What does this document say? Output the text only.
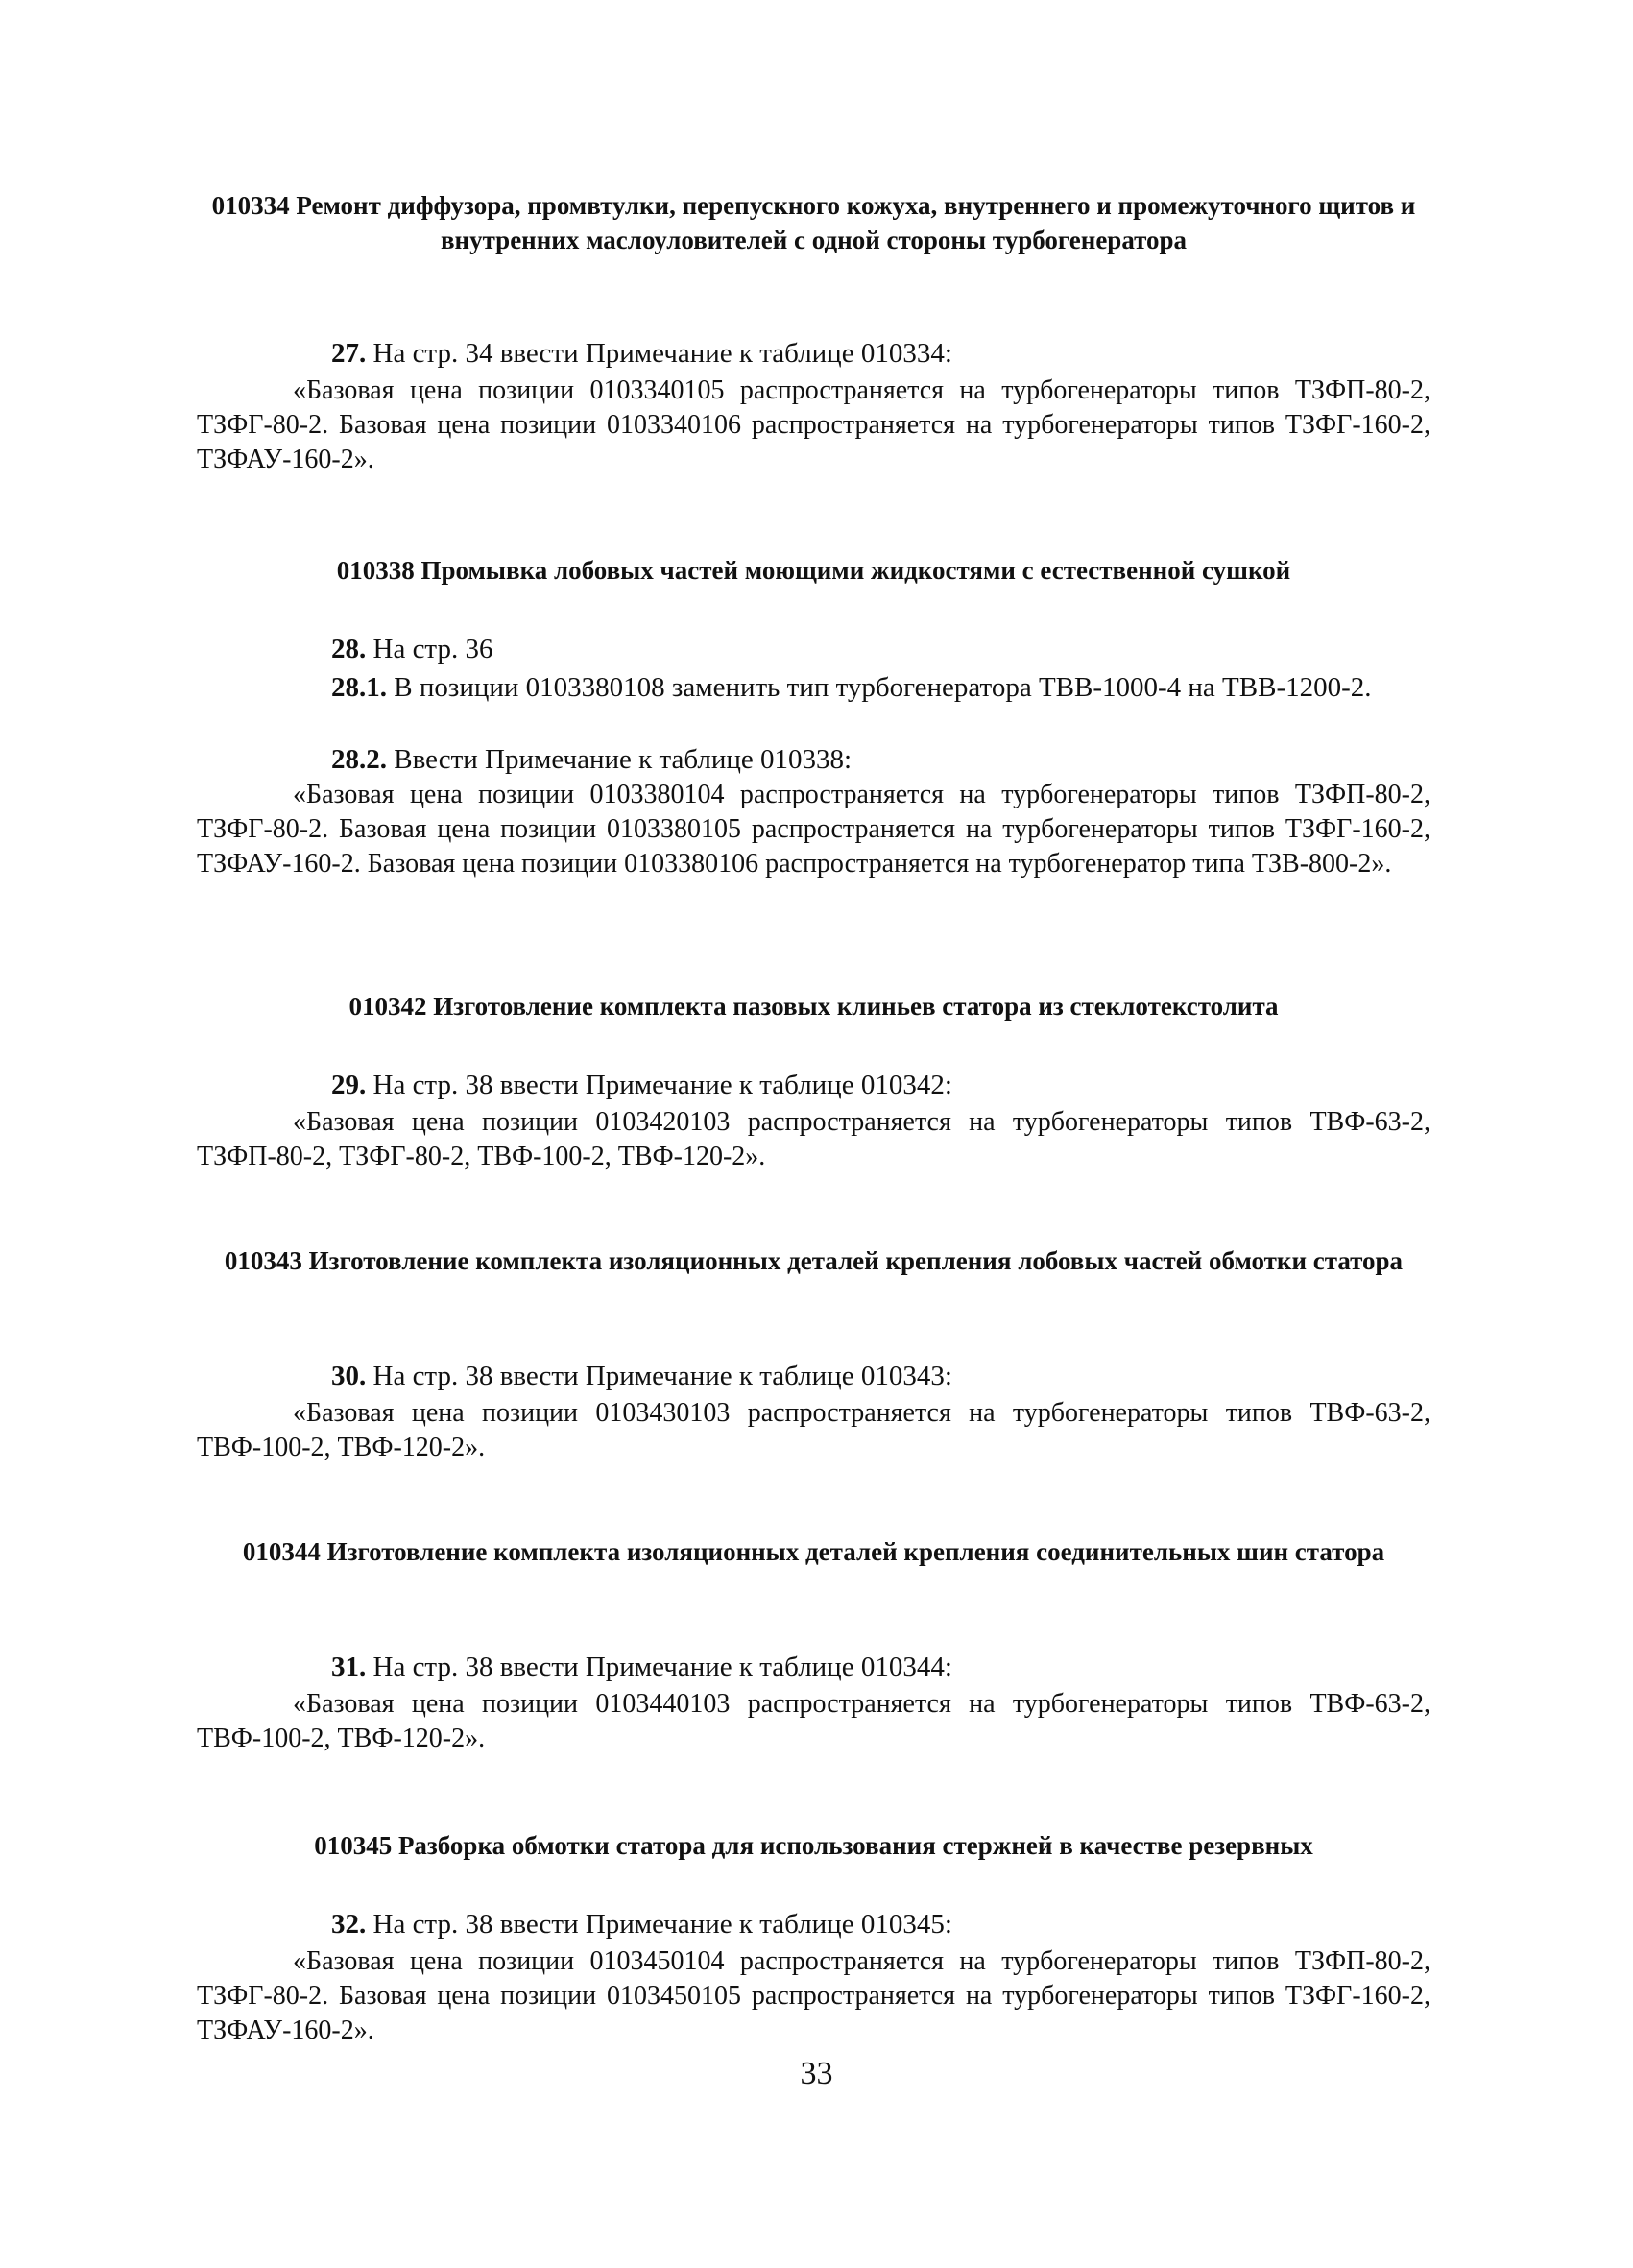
010334 Ремонт диффузора, промвтулки, перепускного кожуха, внутреннего и промежуточного щитов и внутренних маслоуловителей с одной стороны турбогенератора
27. На стр. 34 ввести Примечание к таблице 010334:
«Базовая цена позиции 0103340105 распространяется на турбогенераторы типов ТЗФП-80-2, ТЗФГ-80-2. Базовая цена позиции 0103340106 распространяется на турбогенераторы типов ТЗФГ-160-2, ТЗФАУ-160-2».
010338 Промывка лобовых частей моющими жидкостями с естественной сушкой
28. На стр. 36
28.1. В позиции 0103380108 заменить тип турбогенератора ТВВ-1000-4 на ТВВ-1200-2.
28.2. Ввести Примечание к таблице 010338:
«Базовая цена позиции 0103380104 распространяется на турбогенераторы типов ТЗФП-80-2, ТЗФГ-80-2. Базовая цена позиции 0103380105 распространяется на турбогенераторы типов ТЗФГ-160-2, ТЗФАУ-160-2. Базовая цена позиции 0103380106 распространяется на турбогенератор типа ТЗВ-800-2».
010342 Изготовление комплекта пазовых клиньев статора из стеклотекстолита
29. На стр. 38 ввести Примечание к таблице 010342:
«Базовая цена позиции 0103420103 распространяется на турбогенераторы типов ТВФ-63-2, ТЗФП-80-2, ТЗФГ-80-2, ТВФ-100-2, ТВФ-120-2».
010343 Изготовление комплекта изоляционных деталей крепления лобовых частей обмотки статора
30. На стр. 38 ввести Примечание к таблице 010343:
«Базовая цена позиции 0103430103 распространяется на турбогенераторы типов ТВФ-63-2, ТВФ-100-2, ТВФ-120-2».
010344 Изготовление комплекта изоляционных деталей крепления соединительных шин статора
31. На стр. 38 ввести Примечание к таблице 010344:
«Базовая цена позиции 0103440103 распространяется на турбогенераторы типов ТВФ-63-2, ТВФ-100-2, ТВФ-120-2».
010345 Разборка обмотки статора для использования стержней в качестве резервных
32. На стр. 38 ввести Примечание к таблице 010345:
«Базовая цена позиции 0103450104 распространяется на турбогенераторы типов ТЗФП-80-2, ТЗФГ-80-2. Базовая цена позиции 0103450105 распространяется на турбогенераторы типов ТЗФГ-160-2, ТЗФАУ-160-2».
33
